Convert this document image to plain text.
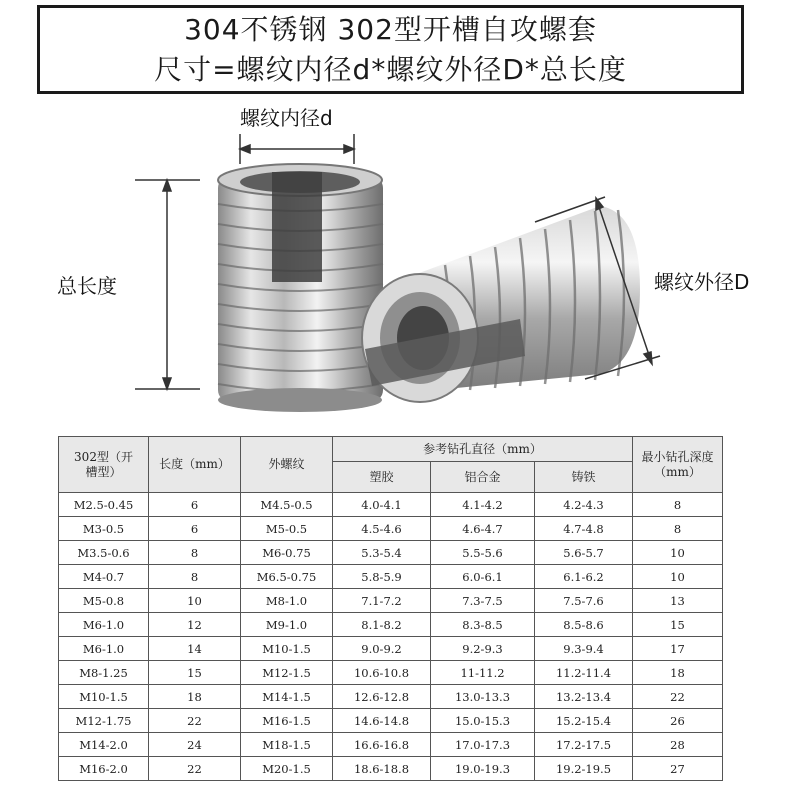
304不锈钢 302型开槽自攻螺套
尺寸=螺纹内径d*螺纹外径D*总长度
螺纹内径d
总长度	螺纹外径D
302型（开槽型）	长度（mm）	外螺纹	参考钻孔直径（mm）			最小钻孔深度（mm）
			塑胶	铝合金	铸铁	
M2.5-0.45	6	M4.5-0.5	4.0-4.1	4.1-4.2	4.2-4.3	8
M3-0.5	6	M5-0.5	4.5-4.6	4.6-4.7	4.7-4.8	8
M3.5-0.6	8	M6-0.75	5.3-5.4	5.5-5.6	5.6-5.7	10
M4-0.7	8	M6.5-0.75	5.8-5.9	6.0-6.1	6.1-6.2	10
M5-0.8	10	M8-1.0	7.1-7.2	7.3-7.5	7.5-7.6	13
M6-1.0	12	M9-1.0	8.1-8.2	8.3-8.5	8.5-8.6	15
M6-1.0	14	M10-1.5	9.0-9.2	9.2-9.3	9.3-9.4	17
M8-1.25	15	M12-1.5	10.6-10.8	11-11.2	11.2-11.4	18
M10-1.5	18	M14-1.5	12.6-12.8	13.0-13.3	13.2-13.4	22
M12-1.75	22	M16-1.5	14.6-14.8	15.0-15.3	15.2-15.4	26
M14-2.0	24	M18-1.5	16.6-16.8	17.0-17.3	17.2-17.5	28
M16-2.0	22	M20-1.5	18.6-18.8	19.0-19.3	19.2-19.5	27
